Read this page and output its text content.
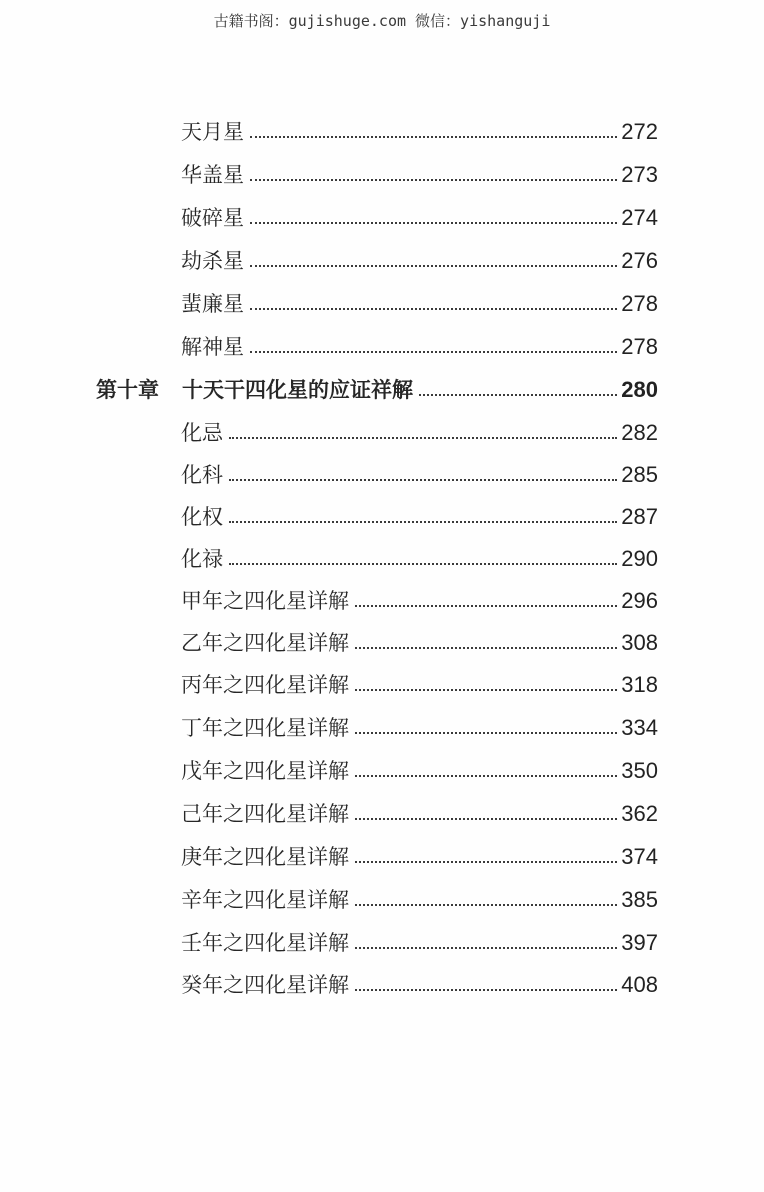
古籍书阁：gujishuge.com 微信：yishanguji
天月星	272
华盖星	273
破碎星	274
劫杀星	276
蜚廉星	278
解神星	278
第十章	十天干四化星的应证祥解	280
化忌	282
化科	285
化权	287
化禄	290
甲年之四化星详解	296
乙年之四化星详解	308
丙年之四化星详解	318
丁年之四化星详解	334
戊年之四化星详解	350
己年之四化星详解	362
庚年之四化星详解	374
辛年之四化星详解	385
壬年之四化星详解	397
癸年之四化星详解	408
